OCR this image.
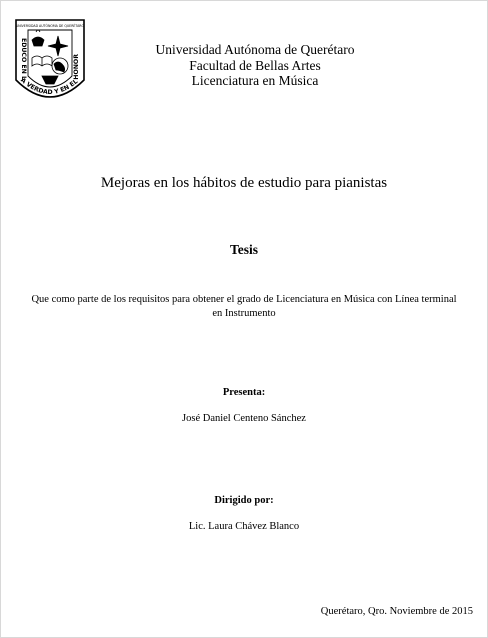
UNIVERSIDAD AUTÓNOMA DE QUERÉTARO
EDUCO EN LA VERDAD Y EN EL HONOR	Universidad Autónoma de Querétaro
Facultad de Bellas Artes
Licenciatura en Música
Mejoras en los hábitos de estudio para pianistas
Tesis
Que como parte de los requisitos para obtener el grado de Licenciatura en Música con Línea terminal en Instrumento
Presenta:
José Daniel Centeno Sánchez
Dirigido por:
Lic. Laura Chávez Blanco
Querétaro, Qro. Noviembre de 2015
